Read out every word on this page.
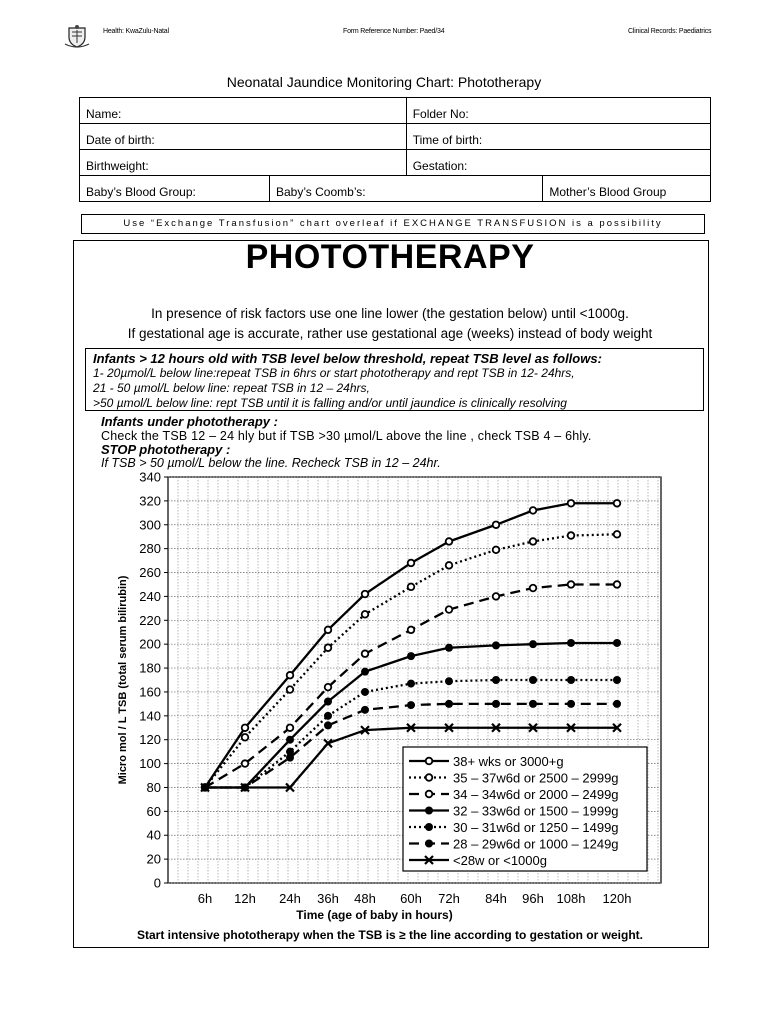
Health: KwaZulu-Natal	Form Reference Number: Paed/34	Clinical Records: Paediatrics
Neonatal Jaundice Monitoring Chart: Phototherapy
Name:		Folder No:	
Date of birth:		Time of birth:	
Birthweight:		Gestation:	
Baby’s Blood Group:	Baby’s Coomb’s:		Mother’s Blood Group
Use “Exchange Transfusion” chart overleaf if EXCHANGE TRANSFUSION is a possibility
PHOTOTHERAPY
In presence of risk factors use one line lower (the gestation below) until <1000g.
If gestational age is accurate, rather use gestational age (weeks) instead of body weight
Infants > 12 hours old with TSB level below threshold, repeat TSB level as follows:
1- 20µmol/L below line:repeat TSB in 6hrs or start phototherapy and rept TSB in 12- 24hrs,
21 - 50 µmol/L below line: repeat TSB in 12 – 24hrs,
>50 µmol/L below line: rept TSB until it is falling and/or until jaundice is clinically resolving
Infants under phototherapy :
Check the TSB 12 – 24 hly but if TSB >30 µmol/L above the line , check TSB 4 – 6hly.
STOP phototherapy :
If TSB > 50 µmol/L below the line. Recheck TSB in 12 – 24hr.
0
20
40
60
80
100
120
140
160
180
200
220
240
260
280
300
320
340
6h 12h 24h 36h 48h 60h 72h 84h 96h 108h 120h
Time (age of baby in hours)
Micro mol / L TSB (total serum bilirubin)	38+ wks or 3000+g
35 – 37w6d or 2500 – 2999g
34 – 34w6d or 2000 – 2499g
32 – 33w6d or 1500 – 1999g
30 – 31w6d or 1250 – 1499g
28 – 29w6d or 1000 – 1249g
<28w or <1000g
Start intensive phototherapy when the TSB is ≥ the line according to gestation or weight.
